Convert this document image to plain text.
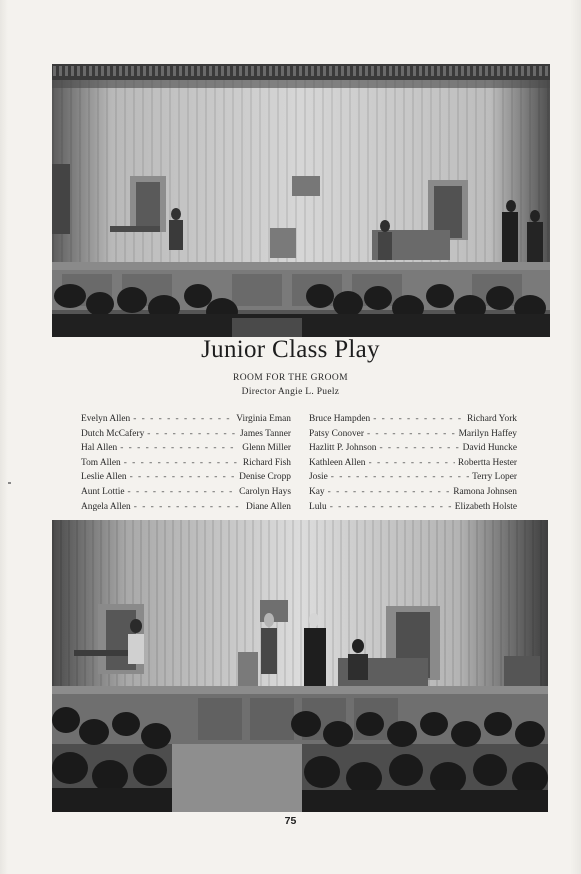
Junior Class Play
ROOM FOR THE GROOM
Director Angie L. Puelz
Evelyn Allen - - -	Virginia Eman
Dutch McCafery - - -	James Tanner
Hal Allen - - -	Glenn Miller
Tom Allen - - -	Richard Fish
Leslie Allen - - -	Denise Cropp
Aunt Lottie - - -	Carolyn Hays
Angela Allen - - -	Diane Allen
Bruce Hampden - - -	Richard York
Patsy Conover - - -	Marilyn Haffey
Hazlitt P. Johnson - - -	David Huncke
Kathleen Allen - - -	Robertta Hester
Josie - - -	Terry Loper
Kay - - -	Ramona Johnsen
Lulu - - -	Elizabeth Holste
75
